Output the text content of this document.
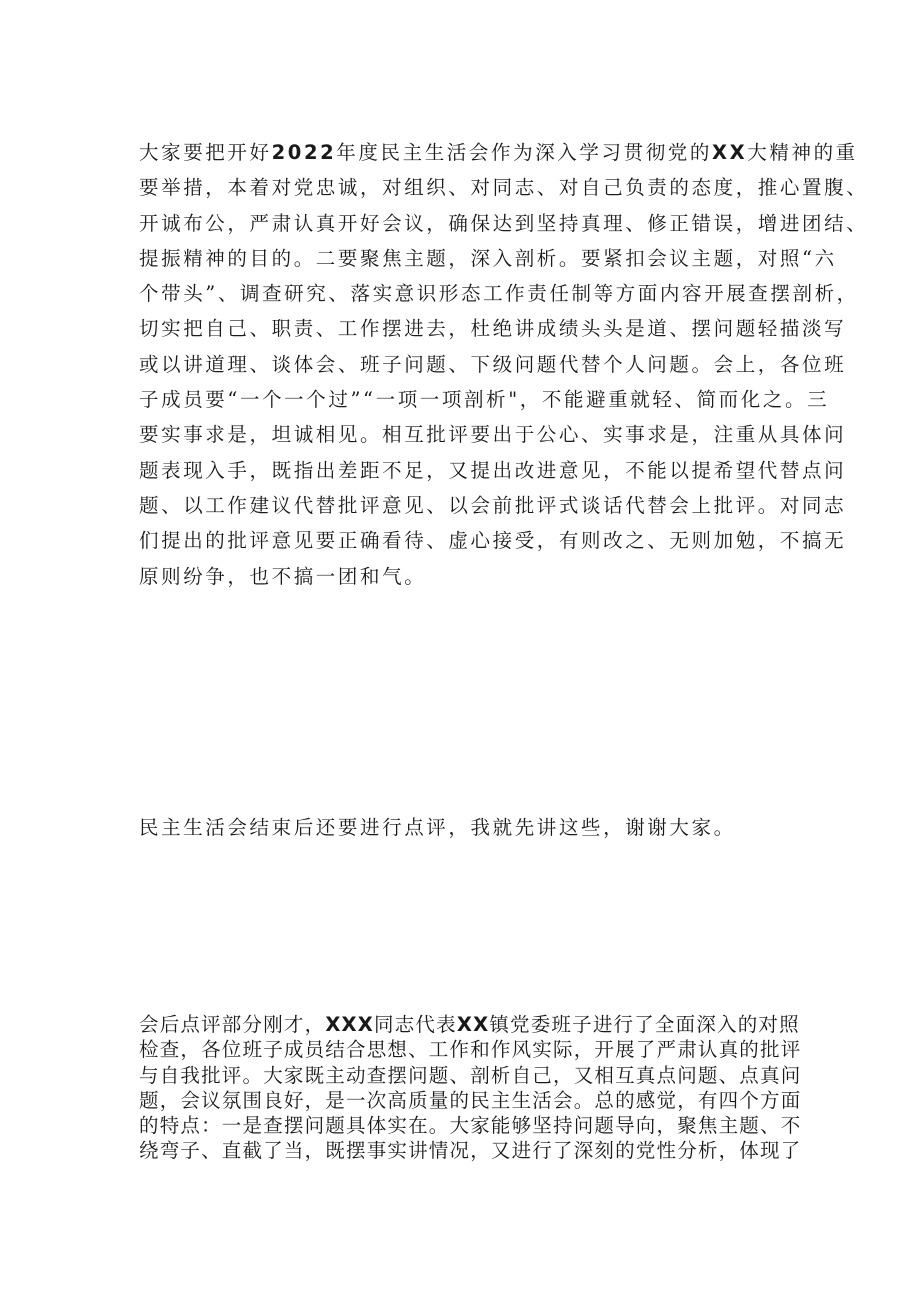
大家要把开好2022年度民主生活会作为深入学习贯彻党的XX大精神的重
要举措，本着对党忠诚，对组织、对同志、对自己负责的态度，推心置腹、
开诚布公，严肃认真开好会议，确保达到坚持真理、修正错误，增进团结、
提振精神的目的。二要聚焦主题，深入剖析。要紧扣会议主题，对照“六
个带头”、调查研究、落实意识形态工作责任制等方面内容开展查摆剖析，
切实把自己、职责、工作摆进去，杜绝讲成绩头头是道、摆问题轻描淡写
或以讲道理、谈体会、班子问题、下级问题代替个人问题。会上，各位班
子成员要“一个一个过”“一项一项剖析"，不能避重就轻、简而化之。三
要实事求是，坦诚相见。相互批评要出于公心、实事求是，注重从具体问
题表现入手，既指出差距不足，又提出改进意见，不能以提希望代替点问
题、以工作建议代替批评意见、以会前批评式谈话代替会上批评。对同志
们提出的批评意见要正确看待、虚心接受，有则改之、无则加勉，不搞无
原则纷争，也不搞一团和气。
民主生活会结束后还要进行点评，我就先讲这些，谢谢大家。
会后点评部分刚才，XXX同志代表XX镇党委班子进行了全面深入的对照
检查，各位班子成员结合思想、工作和作风实际，开展了严肃认真的批评
与自我批评。大家既主动查摆问题、剖析自己，又相互真点问题、点真问
题，会议氛围良好，是一次高质量的民主生活会。总的感觉，有四个方面
的特点：一是查摆问题具体实在。大家能够坚持问题导向，聚焦主题、不
绕弯子、直截了当，既摆事实讲情况，又进行了深刻的党性分析，体现了
